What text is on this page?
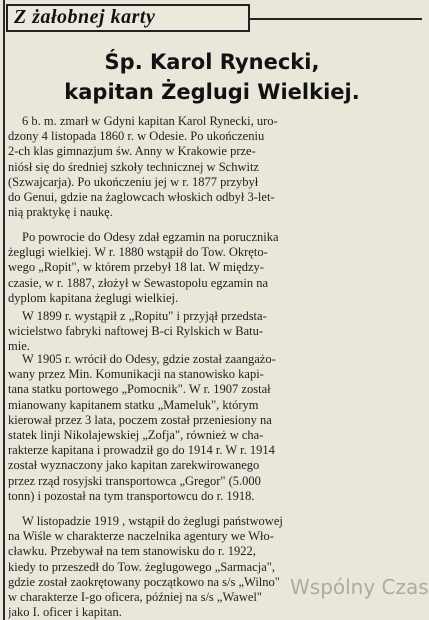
Z żałobnej karty
Śp. Karol Rynecki,
kapitan Żeglugi Wielkiej.
6 b. m. zmarł w Gdyni kapitan Karol Rynecki, uro-
dzony 4 listopada 1860 r. w Odesie. Po ukończeniu
2-ch klas gimnazjum św. Anny w Krakowie prze-
niósł się do średniej szkoły technicznej w Schwitz
(Szwajcarja). Po ukończeniu jej w r. 1877 przybył
do Genui, gdzie na żaglowcach włoskich odbył 3-let-
nią praktykę i naukę.
Po powrocie do Odesy zdał egzamin na porucznika
żeglugi wielkiej. W r. 1880 wstąpił do Tow. Okręto-
wego „Ropit", w którem przebył 18 lat. W między-
czasie, w r. 1887, złożył w Sewastopolu egzamin na
dyplom kapitana żeglugi wielkiej.
W 1899 r. wystąpił z „Ropitu" i przyjął przedsta-
wicielstwo fabryki naftowej B-ci Rylskich w Batu-
mie.
W 1905 r. wrócił do Odesy, gdzie został zaangażo-
wany przez Min. Komunikacji na stanowisko kapi-
tana statku portowego „Pomocnik". W r. 1907 został
mianowany kapitanem statku „Mameluk", którym
kierował przez 3 lata, poczem został przeniesiony na
statek linji Nikolajewskiej „Zofja", również w cha-
rakterze kapitana i prowadził go do 1914 r. W r. 1914
został wyznaczony jako kapitan zarekwirowanego
przez rząd rosyjski transportowca „Gregor" (5.000
tonn) i pozostał na tym transportowcu do r. 1918.
W listopadzie 1919 , wstąpił do żeglugi państwowej
na Wiśle w charakterze naczelnika agentury we Wło-
cławku. Przebywał na tem stanowisku do r. 1922,
kiedy to przeszedł do Tow. żeglugowego „Sarmacja",
gdzie został zaokrętowany początkowo na s/s „Wilno"
w charakterze I-go oficera, później na s/s „Wawel"
jako I. oficer i kapitan.
Wspólny Czas
